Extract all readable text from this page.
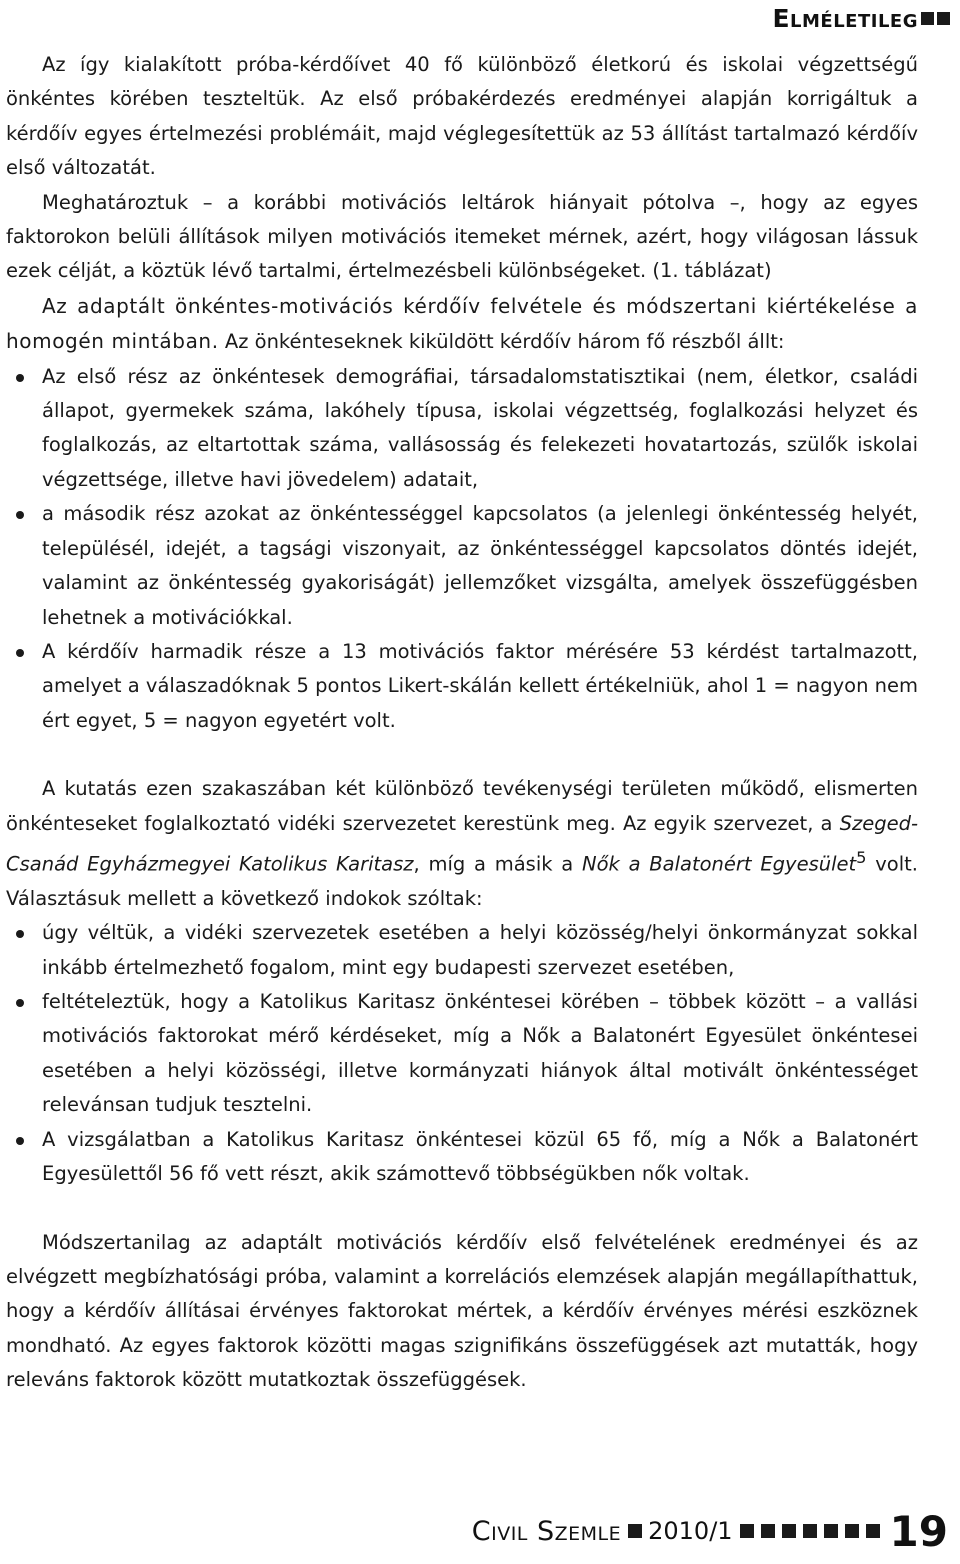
Elméletileg

Az így kialakított próba-kérdőívet 40 fő különböző életkorú és iskolai végzettségű önkéntes körében teszteltük. Az első próbakérdezés eredményei alapján korrigáltuk a kérdőív egyes értelmezési problémáit, majd véglegesítettük az 53 állítást tartalmazó kérdőív első változatát.

Meghatároztuk – a korábbi motivációs leltárok hiányait pótolva –, hogy az egyes faktorokon belüli állítások milyen motivációs itemeket mérnek, azért, hogy világosan lássuk ezek célját, a köztük lévő tartalmi, értelmezésbeli különbségeket. (1. táblázat)

Az adaptált önkéntes-motivációs kérdőív felvétele és módszertani kiértékelése a homogén mintában. Az önkénteseknek kiküldött kérdőív három fő részből állt:

Az első rész az önkéntesek demográfiai, társadalomstatisztikai (nem, életkor, családi állapot, gyermekek száma, lakóhely típusa, iskolai végzettség, foglalkozási helyzet és foglalkozás, az eltartottak száma, vallásosság és felekezeti hovatartozás, szülők iskolai végzettsége, illetve havi jövedelem) adatait,
a második rész azokat az önkéntességgel kapcsolatos (a jelenlegi önkéntesség helyét, településél, idejét, a tagsági viszonyait, az önkéntességgel kapcsolatos döntés idejét, valamint az önkéntesség gyakoriságát) jellemzőket vizsgálta, amelyek összefüggésben lehetnek a motivációkkal.
A kérdőív harmadik része a 13 motivációs faktor mérésére 53 kérdést tartalmazott, amelyet a válaszadóknak 5 pontos Likert-skálán kellett értékelniük, ahol 1 = nagyon nem ért egyet, 5 = nagyon egyetért volt.

A kutatás ezen szakaszában két különböző tevékenységi területen működő, elismerten önkénteseket foglalkoztató vidéki szervezetet kerestünk meg. Az egyik szervezet, a Szeged-Csanád Egyházmegyei Katolikus Karitasz, míg a másik a Nők a Balatonért Egyesület$^5$ volt. Választásuk mellett a következő indokok szóltak:

úgy véltük, a vidéki szervezetek esetében a helyi közösség/helyi önkormányzat sokkal inkább értelmezhető fogalom, mint egy budapesti szervezet esetében,
feltételeztük, hogy a Katolikus Karitasz önkéntesei körében – többek között – a vallási motivációs faktorokat mérő kérdéseket, míg a Nők a Balatonért Egyesület önkéntesei esetében a helyi közösségi, illetve kormányzati hiányok által motivált önkéntességet relevánsan tudjuk tesztelni.
A vizsgálatban a Katolikus Karitasz önkéntesei közül 65 fő, míg a Nők a Balatonért Egyesülettől 56 fő vett részt, akik számottevő többségükben nők voltak.

Módszertanilag az adaptált motivációs kérdőív első felvételének eredményei és az elvégzett megbízhatósági próba, valamint a korrelációs elemzések alapján megállapíthattuk, hogy a kérdőív állításai érvényes faktorokat mértek, a kérdőív érvényes mérési eszköznek mondható. Az egyes faktorok közötti magas szignifikáns összefüggések azt mutatták, hogy releváns faktorok között mutatkoztak összefüggések.

Civil Szemle 2010/1	19
